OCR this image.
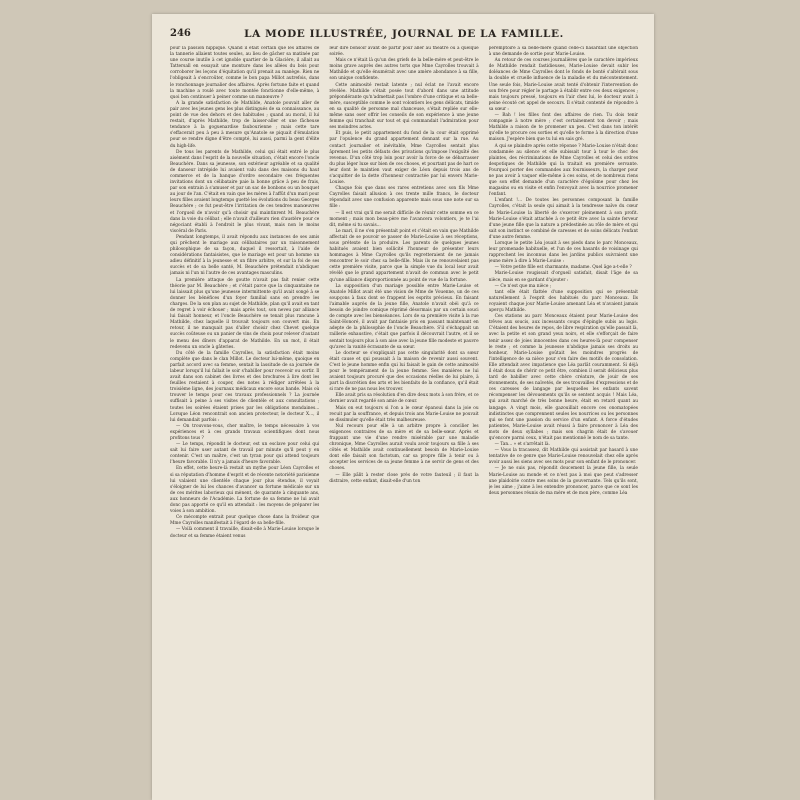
246	LA MODE ILLUSTRÉE, JOURNAL DE LA FAMILLE.

pour la passion hippique. Quand il était certain que les affaires de la tannerie allaient toutes seules, au lieu de gâcher sa matinée par une course inutile à cet ignoble quartier de la Glacière, il allait au Tattersall en essayait une monture dans les allées du bois pour corroborer les leçons d'équitation qu'il prenait au manège. Rien ne l'obligeait à s'encroûter, comme le bon papa Millot autrefois, dans le ronchonnage journalier des affaires. Après fortune faite et quand la machine a roulé avec toute montée fonctionne d'elle-même, à quoi bon continuer à peiner comme un manœuvre ?

A la grande satisfaction de Mathilde, Anatole pouvait aller de pair avec les jeunes gens les plus distingués de sa connaissance, au point de vue des dehors et des habitudes ; quand au moral, il lui restait, d'après Mathilde, trop de laisser-aller et une fâcheuse tendance à la goguenardise faubourienne ; mais cette tare s'effacerait peu à peu à mesure qu'Anatole se piquait d'émulation pour se rendre digne d'être compté, lui aussi, parmi la gent d'élite du high-life.

De tous les parents de Mathilde, celui qui était entré le plus aisément dans l'esprit de la nouvelle situation, c'était encore l'oncle Beauchère. Dans sa jeunesse, son extérieur agréable et sa qualité de danseur intrépide lui avaient valu dans des maisons du haut commerce et de la banque d'ordre secondaire ces fréquentes invitations dont un célibataire paie la bonne grâce à peu de frais, par son entrain à s'amuser et par un sac de bonbons ou un bouquet au jour de l'an. C'était en vain que les mères à l'affût d'un mari pour leurs filles avaient longtemps guetté les évolutions du beau Georges Beauchère ; ce fut peut-être l'irritation de ces tendres manœuvres et l'orgueil de n'avoir qu'à choisir qui maintinrent M. Beauchère dans la voie du célibat ; elle n'avait d'ailleurs rien d'austère pour ce négociant établi à l'endroit le plus vivant, mais non le moins viscéral de Paris.

Pendant longtemps, il avait répondu aux instances de ses amis qui prêchent le mariage aux célibataires par un raisonnement philosophique de sa façon, duquel il ressortait, à l'aide de considérations fantaisistes, que le mariage est pour un homme un adieu définitif à la jeunesse et un fibre arbitre, et sur la foi de ses succès et de sa belle santé, M. Beauchère prétendait n'abdiquer jamais ni l'un ni l'autre de ces avantages masculins.

La première attaque de goutte n'avait pas fait renier cette théorie par M. Beauchère ; et c'était parce que la cinquantaine ne lui laissait plus qu'une jeunesse intermittente qu'il avait songé à se donner les bénéfices d'un foyer familial sans en prendre les charges. De la son plan au sujet de Mathilde, plan qu'il avait en tant de regret à voir échouer ; mais après tout, son neveu par alliance lui faisait honneur, et l'oncle Beauchère se tenait plus rancune à Mathilde, chez laquelle il trouvait toujours son couvert mis. En retour, il ne manquait pas d'aller choisir chez Chevet quelque succès coûteuse ou un panier de vins de choix pour relever d'autant le menu des dîners d'apparat de Mathilde. En un mot, il était redevenu un oncle à gâteries.

Du côté de la famille Cayrolles, la satisfaction était moins complète que dans le clan Millot. Le docteur lui-même, quoique en parfait accord avec sa femme, sentait la lassitude de sa journée de labeur lorsqu'il lui fallait le soir s'habiller pour recevoir ou sortir. Il avait dans son cabinet des livres et des brochures à lire dont les feuilles restaient à couper, des notes à rédiger arrêtées à la troisième ligne, des journaux médicaux encore sous bande. Mais où trouver le temps pour ces travaux professionnels ? La journée suffisait à peine à ses visites de clientèle et aux consultations ; toutes les soirées étaient prises par les obligations mondaines... Lorsque Léon rencontrait son ancien protecteur, le docteur X..., il lui demandait parfois :

— On trouvons-vous, cher maître, le temps nécessaire à vos expériences et à ces grands travaux scientifiques dont nous profitons tous ?

— Le temps, répondit le docteur, est un esclave pour celui qui sait lui faire user autant de travail par minute qu'il peut y en contenir. C'est un maître, c'est un tyran pour qui attend toujours l'heure favorable. Il n'y a jamais d'heure favorable.

En effet, cette heure-là restait un mythe pour Léon Cayrolles et si sa réputation d'homme d'esprit et de récente notoriété parisienne lui valaient une clientèle chaque jour plus étendue, il voyait s'éloigner de lui les chances d'avancer sa fortune médicale sur un de ces mérites laborieux qui mènent, de quarante à cinquante ans, aux honneurs de l'Académie. La fortune de sa femme ne lui avait donc pas apporté ce qu'il en attendait : les moyens de préparer les voies à son ambition.

Ce mécompte entrait pour quelque chose dans la froideur que Mme Cayrolles manifestait à l'égard de sa belle-fille.

— Voilà comment il travaille, disait-elle à Marie-Louise lorsque le docteur et sa femme étaient venus

leur dire bonsoir avant de partir pour aller au théâtre ou à quelque soirée.

Mais ce n'était là qu'un des griefs de la belle-mère et peut-être le moins grave auprès des autres torts que Mme Cayrolles trouvait à Mathilde et qu'elle énumérait avec une amère abondance à sa fille, son unique confidente.

Cette animosité restait latente ; nul éclat ne l'avait encore révélée. Mathilde s'était posée tout d'abord dans une attitude prépondérante qu'n'admettait pas l'ombre d'une critique et sa belle-mère, susceptible comme le sont volontiers les gens délicats, timide en sa qualité de personne mal chanceuse, s'était repliée sur elle-même sans oser offrir les conseils de son expérience à une jeune femme qui tranchait sur tout et qui commandait l'admiration pour ses moindres actes.

Et puis, le petit appartement du fond de la cour était opprimé par l'opulence du grand appartement donnant sur la rue. Au contact journalier et inévitable, Mme Cayrolles sentait plus âprement les petits défauts des privations qu'impose l'exiguïté des revenus. D'un côté trop loin pour avoir la force de se débarrasser du plus léger luxe sur bien de ces choses, et pourtant pas de hart ce leur dont le maintien vaut exiger de Léon depuis trois ans de s'acquitter de la dette d'honneur contractée par lui envers Marie-Louise.

Chaque fois que dans ses rares entretiens avec son fils Mme Cayrolles faisait allusion à ces trente mille francs, le docteur répondait avec une confusion apparente mais sous une note sur sa fille :

— Il est vrai qu'il me serait difficile de réunir cette somme en ce moment ; mais mon beau-père me l'avancera volontiers, je te l'ai dit, même si tu savais...

Le mari, il ne s'en présentait point et c'était en vain que Mathilde affectait de se pouvoir se passer de Marie-Louise à ses réceptions, sous prétexte de la produire. Les parents de quelques jeunes habitués avaient bien sollicité l'honneur de présenter leurs hommages à Mme Cayrolles qu'ils regretteraient de ne jamais rencontrer le soir chez sa belle-fille. Mais ils ne renouvelaient pas cette première visite, parce que la simple vue du local leur avait révélé que le grand appartement n'avait de commun avec le petit qu'une alliance disproportionnée au point de vue de la fortune.

La supposition d'un mariage possible entre Marie-Louise et Anatole Millot avait été une vision de Mme de Vouenne, un de ces soupçons à faux dont se frappent les esprits précieux. En faisant l'aimable auprès de la jeune fille, Anatole n'avait obéi qu'à ce besoin de joindre comique réprimé désormais par un certain souci de compte avec les bienséances. Lors de sa première visite à la rue Saint-Honoré, il avait par fantaisie pris en passant maintenant en adepte de la philosophie de l'oncle Beauchère. S'il s'échappait un raillerie exhaustive, c'était que parfois il découvrait l'autre, et il se sentait toujours plus à son aise avec la jeune fille modeste et pauvre qu'avec la vanité écrasante de sa sœur.

Le docteur se s'expliquait pas cette singularité dont sa sœur était cause et qui poussait à la maison de revenir aussi souvent. C'est le jeune homme enfin qui lui faisait le gain de cette animosité pour le tempérament de la jeune femme. Ses manières ne lui avaient toujours procuré que des occasions réelles de lui plaire, à part la discrétion des arts et les bienfaits de la confiance, qu'il était si rare de ne pas nous les trouver.

Elle avait pris sa résolution d'en dire deux mots à son frère, et ce dernier avait regardé son amie de cœur.

Mais on eut toujours si l'on a le cœur épanoui dans la joie ou recuit par la souffrance, et depuis trois ans Marie-Louise ne pouvait se dissimuler qu'elle était très malheureuse.

Nul recours pour elle à un arbitre propre à concilier les exigences contraires de sa mère et de sa belle-sœur. Après et frappant une vie d'une rendre misérable par une maladie chronique, Mme Cayrolles aurait voulu avoir toujours sa fille à ses côtés et Mathilde avait continuellement besoin de Marie-Louise dont elle faisait son factotum, car sa propre fille à tenir ou à accepter les services de sa jeune femme à ne servir de gens et des choses.

— Elle pâlit à rester close près de votre fauteuil ; il faut la distraire, cette enfant, disait-elle d'un ton

péremptoire à sa belle-mère quand celle-ci hasardait une objection à une demande de sortie pour Marie-Louise.

Au retour de ces courses journalières que le caractère impérieux de Mathilde rendait fastidieuses, Marie-Louise devait subir les doléances de Mme Cayrolles dont le fonds de bonté s'altérait sous la double et cruelle influence de la maladie et du mécontentement. Une seule fois, Marie-Louise avait tenté d'obtenir l'intervention de son frère pour régler le partage à établir entre ces deux exigences ; mais toujours pressé, toujours en l'air chez lui, le docteur avait à peine écouté cet appel de secours. Il s'était contenté de répondre à sa sœur :

— Bah ! les filles font des affaires de rien. Tu dois tenir compagnie à notre mère ; c'est certainement ton devoir ; mais Mathilde a raison de te promener un peu. C'est dans ton intérêt qu'elle te procure ces sorties et qu'elle te forme à la direction d'une maison. J'espère bien que tu lui en sais gré.

A qui se plaindre après cette réponse ? Marie-Louise n'était donc condamnée au silence et elle subissait tour à tour le choc des plaintes, des récriminations de Mme Cayrolles et celui des ordres despotiques de Mathilde qui la traitait en première servante. Pourquoi porter des commandes aux fournisseurs, la charger pour ne pas avoir à vaquer elle-même à ces soins, et de nombreux riens que son effet demande d'un caractère d'égoïsme pour chez les magasins ou en visite et enfin l'envoyait avec la nourrice promener l'enfant.

L'enfant !... De toutes les personnes composant la famille Cayrolles, c'était la seule qui aimait à la tendresse naïve du cœur de Marie-Louise la liberté de s'exercer pleinement à son profit. Marie-Louise s'était attachée à ce petit être avec la sainte ferveur d'une jeune fille que la nature a prédestinée au rôle de mère et qui sait son instinct se combiné de caresses et de soins délicats l'enfant d'une autre femme.

Lorsque le petite Léa jouait à ses pieds dans le parc Monceaux, leur promenade habituelle, et l'un de ces hasards de voisinage qui rapprochent les inconnus dans les jardins publics suivraient une jeune mère à dire à Marie-Louise :

— Votre petite fille est charmante, madame. Quel âge a-t-elle ?

Marie-Louise rougissait d'orgueil satisfait, disait l'âge de sa nièce, mais en se gardant d'ajouter :

— Ce n'est que ma nièce ;

tant elle était flattée d'une supposition qui se présentait naturellement à l'esprit des habitués du parc Monceaux. Ils voyaient chaque jour Marie-Louise amenant Léa et n'avaient jamais aperçu Mathilde.

Ces stations au parc Monceaux étaient pour Marie-Louise des trêves aux soucis, aux incessants coups d'épingle subis au logis. C'étaient des heures de repos, de libre respiration qu'elle passait là, avec la petite et son grand yeux noirs, et elle s'efforçait de faire tenir assez de joies innocentes dans ces heures-là pour compenser le reste ; et comme la jeunesse n'abdique jamais ses droits au bonheur, Marie-Louise goûtait les moindres progrès de l'intelligence de sa nièce pour s'en faire des motifs de consolation. Elle attendait avec impatience que Léa parlât couramment. Si déjà il était doux de chérir ce petit être, combien il serait délicieux plus tard de babiller avec cette chère créature, de jouir de ses étonnements, de ses naïvetés, de ses trouvailles d'expressions et de ces caresses de langage par lesquelles les enfants savent récompenser les dévouements qu'ils se sentent acquis ! Mais Léa, qui avait marché de très bonne heure, était en retard quant au langage. A vingt mois, elle gazouillait encore ces onomatopées indistinctes que comprennent seules les nourrices ou les personnes qui se font une passion du service d'un enfant. A force d'études patientes, Marie-Louise avait réussi à faire prononcer à Léa des mots de deux syllabes ; mais son chagrin était de s'avouer qu'encore parmi ceux, n'était pas mentionné le nom de sa tante.

— Tan... » et s'arrêtait là.

— Vous la tracassez, dit Mathilde qui assistait par hasard à une tentative de ce genre que Marie-Louise renouvelait chez elle après avoir aussi les siens avec ses mots pour son enfant de le prononcer.

— Je ne suis pas, répondit doucement la jeune fille, la seule Marie-Louise au monde et ce n'est pas à moi que peut s'adresser une plaidoirie contre mes soins de la gouvernante. Tels qu'ils sont, je les aime ; j'aime à les entendre prononcer, parce que ce sont les deux personnes réunis de ma mère et de mon père, comme Léa
